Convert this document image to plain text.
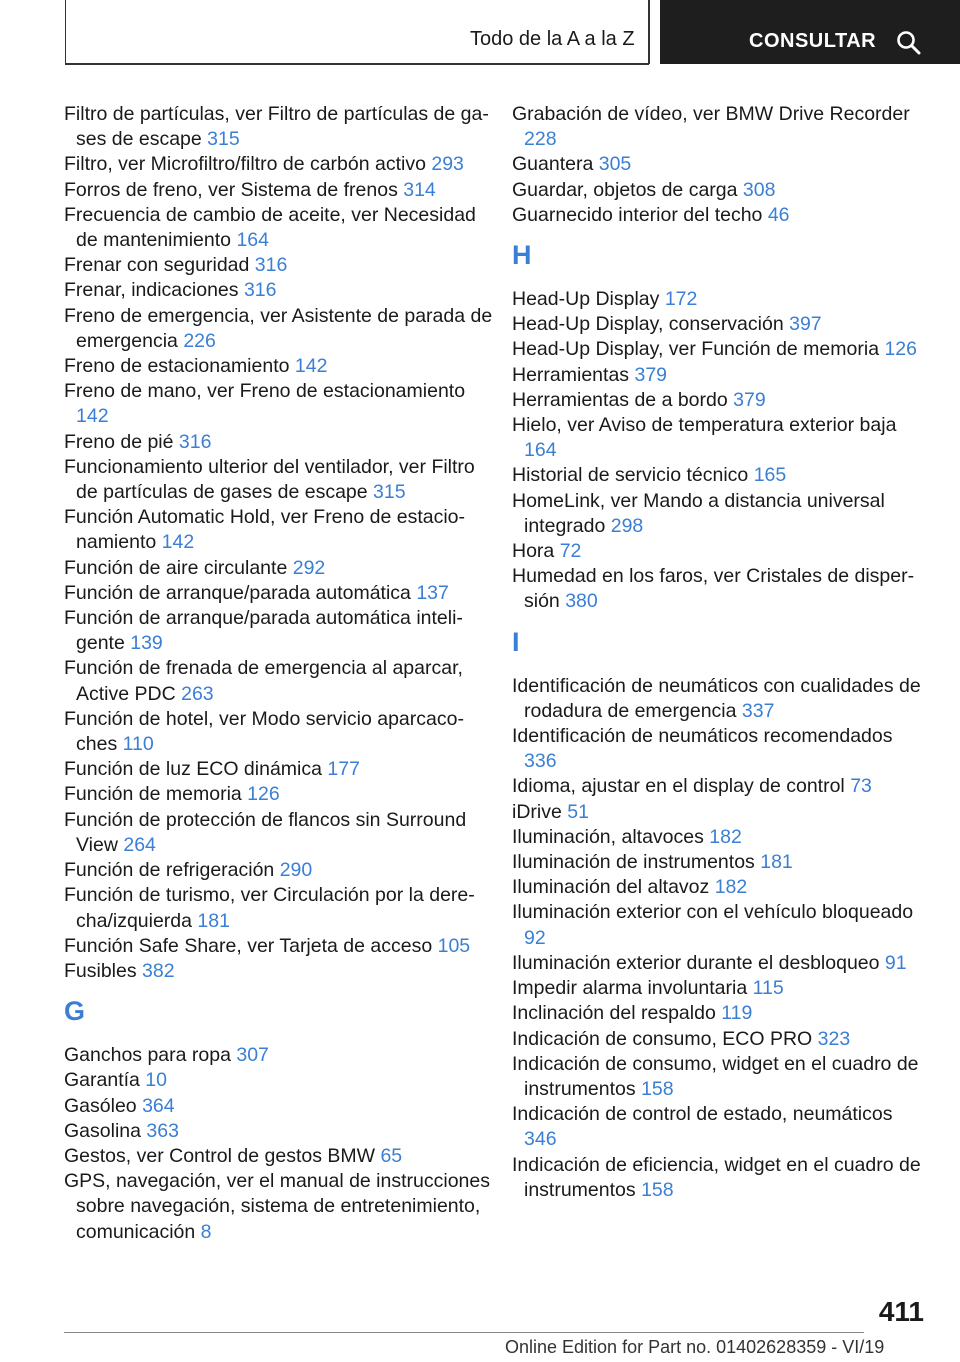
Todo de la A a la Z	CONSULTAR
Filtro de partículas, ver Filtro de partículas de gases de escape 315
Filtro, ver Microfiltro/filtro de carbón activo 293
Forros de freno, ver Sistema de frenos 314
Frecuencia de cambio de aceite, ver Necesidad de mantenimiento 164
Frenar con seguridad 316
Frenar, indicaciones 316
Freno de emergencia, ver Asistente de parada de emergencia 226
Freno de estacionamiento 142
Freno de mano, ver Freno de estacionamiento 142
Freno de pié 316
Funcionamiento ulterior del ventilador, ver Filtro de partículas de gases de escape 315
Función Automatic Hold, ver Freno de estacionamiento 142
Función de aire circulante 292
Función de arranque/parada automática 137
Función de arranque/parada automática inteligente 139
Función de frenada de emergencia al aparcar, Active PDC 263
Función de hotel, ver Modo servicio aparcacoches 110
Función de luz ECO dinámica 177
Función de memoria 126
Función de protección de flancos sin Surround View 264
Función de refrigeración 290
Función de turismo, ver Circulación por la derecha/izquierda 181
Función Safe Share, ver Tarjeta de acceso 105
Fusibles 382
G
Ganchos para ropa 307
Garantía 10
Gasóleo 364
Gasolina 363
Gestos, ver Control de gestos BMW 65
GPS, navegación, ver el manual de instrucciones sobre navegación, sistema de entretenimiento, comunicación 8
Grabación de vídeo, ver BMW Drive Recorder 228
Guantera 305
Guardar, objetos de carga 308
Guarnecido interior del techo 46
H
Head-Up Display 172
Head-Up Display, conservación 397
Head-Up Display, ver Función de memoria 126
Herramientas 379
Herramientas de a bordo 379
Hielo, ver Aviso de temperatura exterior baja 164
Historial de servicio técnico 165
HomeLink, ver Mando a distancia universal integrado 298
Hora 72
Humedad en los faros, ver Cristales de dispersión 380
I
Identificación de neumáticos con cualidades de rodadura de emergencia 337
Identificación de neumáticos recomendados 336
Idioma, ajustar en el display de control 73
iDrive 51
Iluminación, altavoces 182
Iluminación de instrumentos 181
Iluminación del altavoz 182
Iluminación exterior con el vehículo bloqueado 92
Iluminación exterior durante el desbloqueo 91
Impedir alarma involuntaria 115
Inclinación del respaldo 119
Indicación de consumo, ECO PRO 323
Indicación de consumo, widget en el cuadro de instrumentos 158
Indicación de control de estado, neumáticos 346
Indicación de eficiencia, widget en el cuadro de instrumentos 158
411
Online Edition for Part no. 01402628359 - VI/19
